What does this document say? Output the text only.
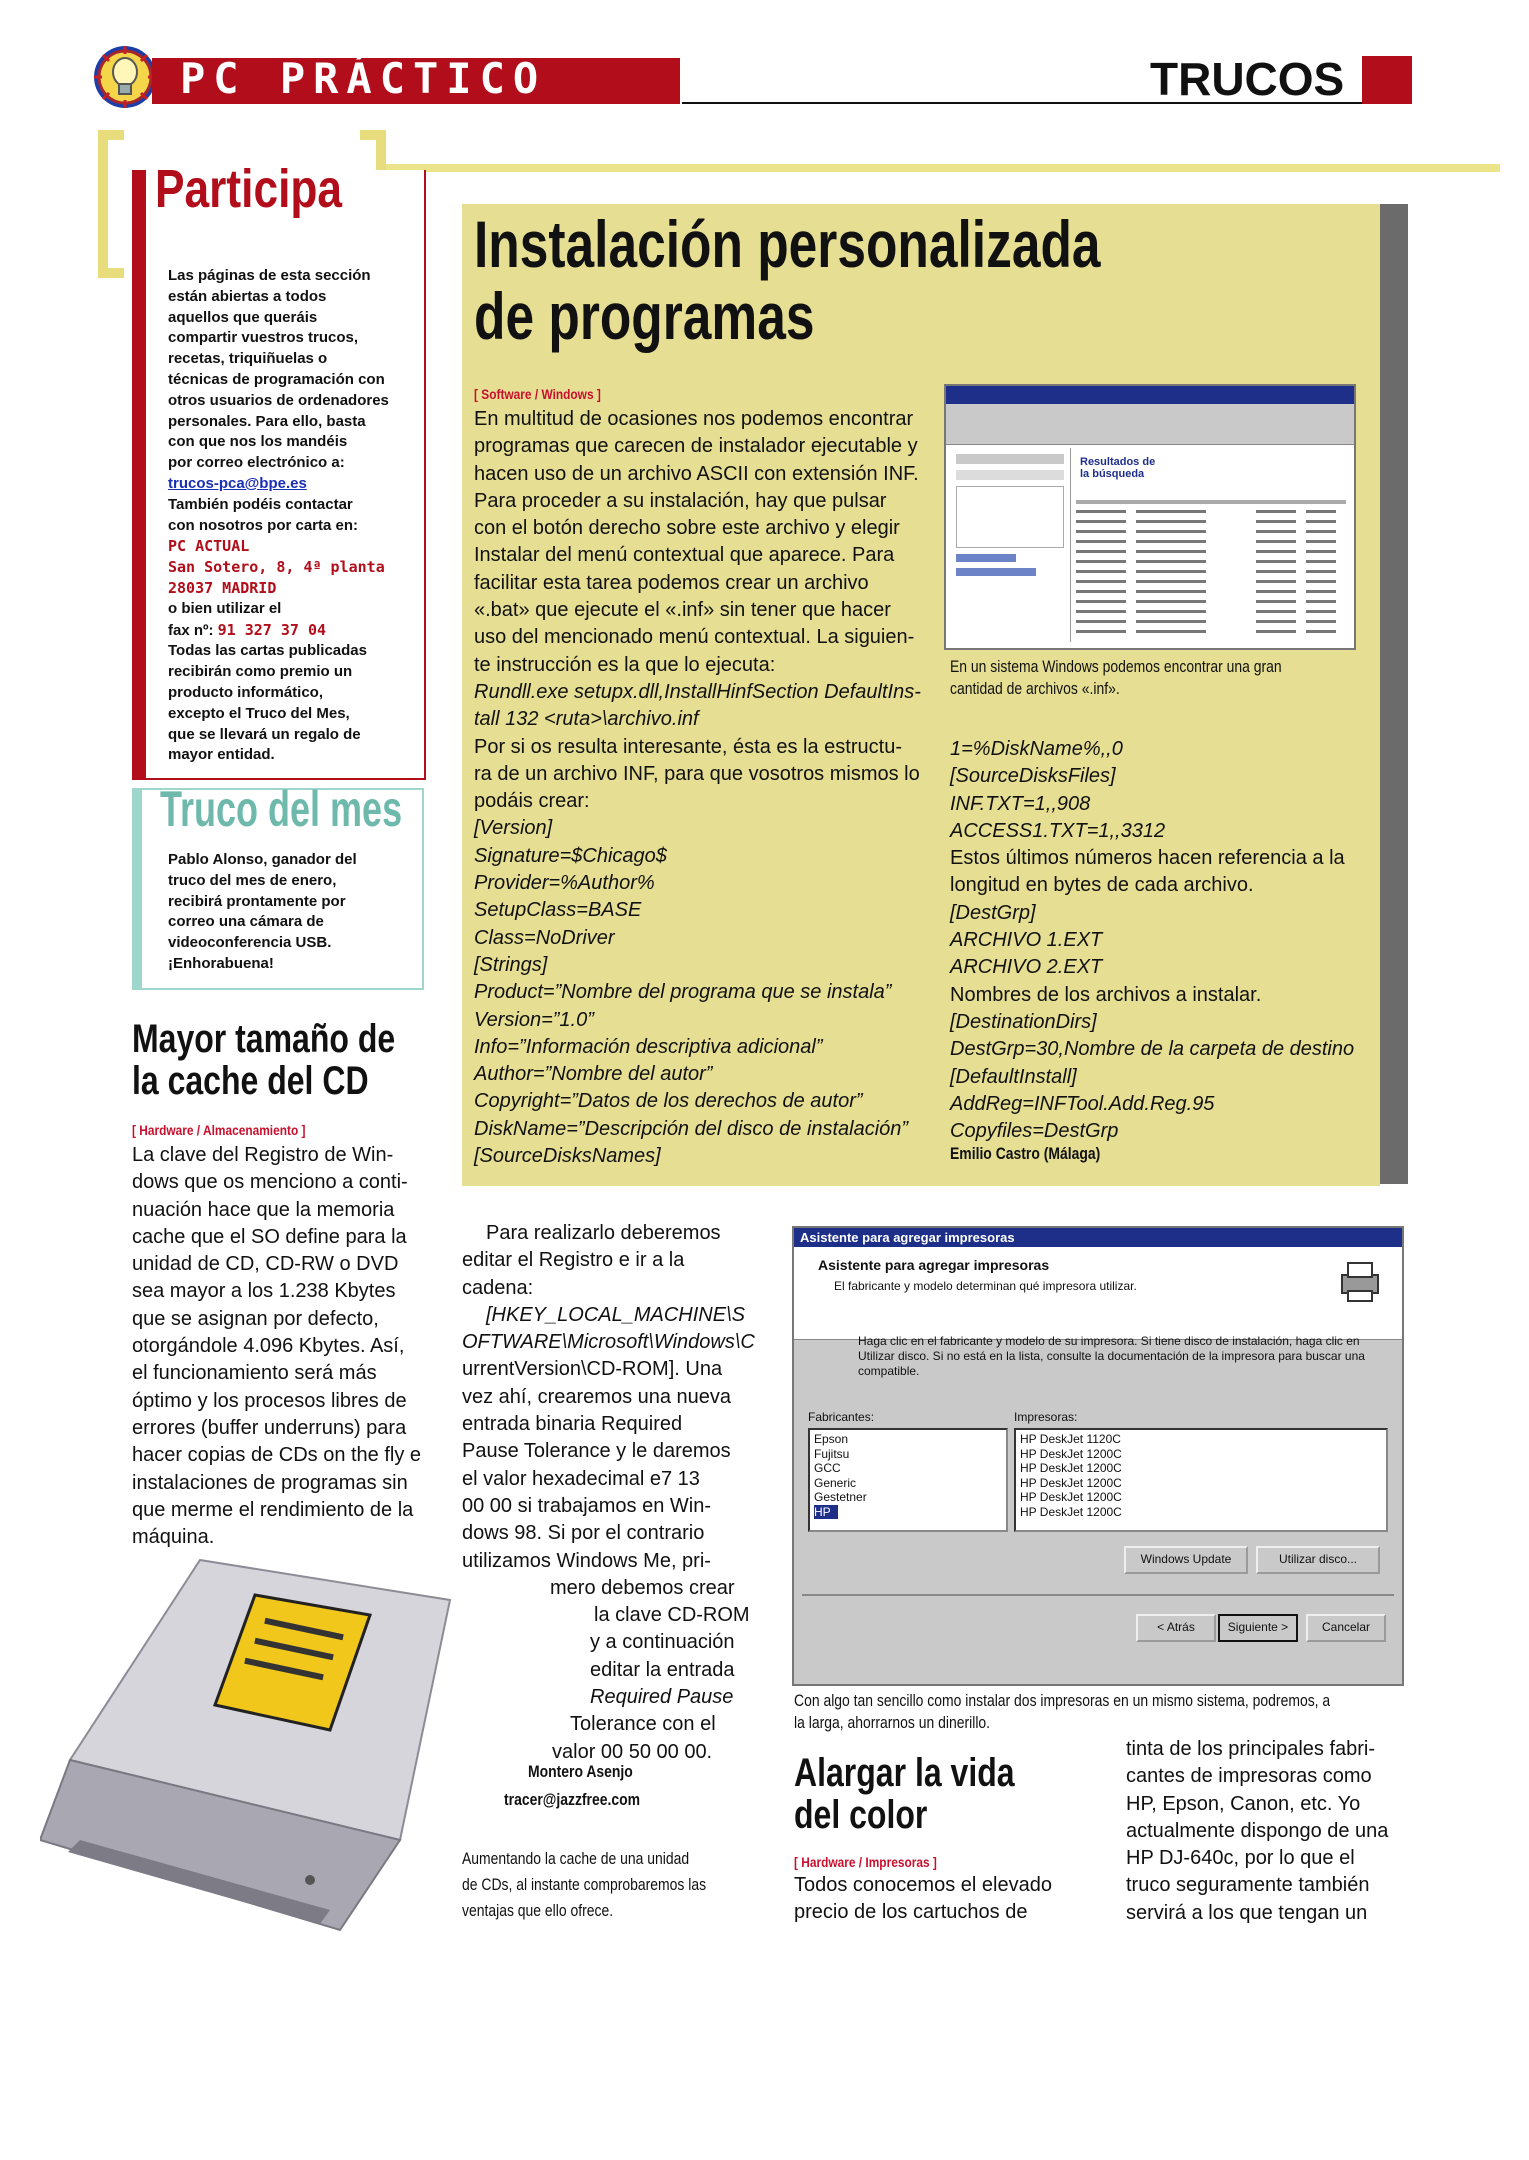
PC PRÁCTICO	TRUCOS
Participa
Las páginas de esta sección
están abiertas a todos
aquellos que queráis
compartir vuestros trucos,
recetas, triquiñuelas o
técnicas de programación con
otros usuarios de ordenadores
personales. Para ello, basta
con que nos los mandéis
por correo electrónico a:
trucos-pca@bpe.es
También podéis contactar
con nosotros por carta en:
PC ACTUAL
San Sotero, 8, 4ª planta
28037 MADRID
o bien utilizar el
fax nº: 91 327 37 04
Todas las cartas publicadas
recibirán como premio un
producto informático,
excepto el Truco del Mes,
que se llevará un regalo de
mayor entidad.
Truco del mes
Pablo Alonso, ganador del
truco del mes de enero,
recibirá prontamente por
correo una cámara de
videoconferencia USB.
¡Enhorabuena!
Mayor tamaño de
la cache del CD
[ Hardware / Almacenamiento ]
La clave del Registro de Win-
dows que os menciono a conti-
nuación hace que la memoria
cache que el SO define para la
unidad de CD, CD-RW o DVD
sea mayor a los 1.238 Kbytes
que se asignan por defecto,
otorgándole 4.096 Kbytes. Así,
el funcionamiento será más
óptimo y los procesos libres de
errores (buffer underruns) para
hacer copias de CDs on the fly e
instalaciones de programas sin
que merme el rendimiento de la
máquina.
Para realizarlo deberemos
editar el Registro e ir a la
cadena:
[HKEY_LOCAL_MACHINE\S
OFTWARE\Microsoft\Windows\C
urrentVersion\CD-ROM]. Una
vez ahí, crearemos una nueva
entrada binaria Required
Pause Tolerance y le daremos
el valor hexadecimal e7 13
00 00 si trabajamos en Win-
dows 98. Si por el contrario
utilizamos Windows Me, pri-
mero debemos crear
la clave CD-ROM
y a continuación
editar la entrada
Required Pause
Tolerance con el
valor 00 50 00 00.
Montero Asenjo
tracer@jazzfree.com
Aumentando la cache de una unidad
de CDs, al instante comprobaremos las
ventajas que ello ofrece.
Instalación personalizada
de programas
[ Software / Windows ]
En multitud de ocasiones nos podemos encontrar
programas que carecen de instalador ejecutable y
hacen uso de un archivo ASCII con extensión INF.
Para proceder a su instalación, hay que pulsar
con el botón derecho sobre este archivo y elegir
Instalar del menú contextual que aparece. Para
facilitar esta tarea podemos crear un archivo
«.bat» que ejecute el «.inf» sin tener que hacer
uso del mencionado menú contextual. La siguien-
te instrucción es la que lo ejecuta:
Rundll.exe setupx.dll,InstallHinfSection DefaultIns-
tall 132 <ruta>\archivo.inf
Por si os resulta interesante, ésta es la estructu-
ra de un archivo INF, para que vosotros mismos lo
podáis crear:
[Version]
Signature=$Chicago$
Provider=%Author%
SetupClass=BASE
Class=NoDriver
[Strings]
Product=”Nombre del programa que se instala”
Version=”1.0”
Info=”Información descriptiva adicional”
Author=”Nombre del autor”
Copyright=”Datos de los derechos de autor”
DiskName=”Descripción del disco de instalación”
[SourceDisksNames]
Resultados de la búsqueda
En un sistema Windows podemos encontrar una gran
cantidad de archivos «.inf».
1=%DiskName%,,0
[SourceDisksFiles]
INF.TXT=1,,908
ACCESS1.TXT=1,,3312
Estos últimos números hacen referencia a la
longitud en bytes de cada archivo.
[DestGrp]
ARCHIVO 1.EXT
ARCHIVO 2.EXT
Nombres de los archivos a instalar.
[DestinationDirs]
DestGrp=30,Nombre de la carpeta de destino
[DefaultInstall]
AddReg=INFTool.Add.Reg.95
Copyfiles=DestGrp
Emilio Castro (Málaga)
Asistente para agregar impresoras
Asistente para agregar impresoras
El fabricante y modelo determinan qué impresora utilizar.
Haga clic en el fabricante y modelo de su impresora. Si tiene disco de instalación, haga clic en Utilizar disco. Si no está en la lista, consulte la documentación de la impresora para buscar una compatible.
Fabricantes:
Epson
Fujitsu
GCC
Generic
Gestetner
HP
Impresoras:
HP DeskJet 1120C
HP DeskJet 1200C
HP DeskJet 1200C
HP DeskJet 1200C
HP DeskJet 1200C
HP DeskJet 1200C
Windows Update	Utilizar disco...
< Atrás	Siguiente >	Cancelar
Con algo tan sencillo como instalar dos impresoras en un mismo sistema, podremos, a
la larga, ahorrarnos un dinerillo.
Alargar la vida
del color
[ Hardware / Impresoras ]
Todos conocemos el elevado
precio de los cartuchos de
tinta de los principales fabri-
cantes de impresoras como
HP, Epson, Canon, etc. Yo
actualmente dispongo de una
HP DJ-640c, por lo que el
truco seguramente también
servirá a los que tengan un
